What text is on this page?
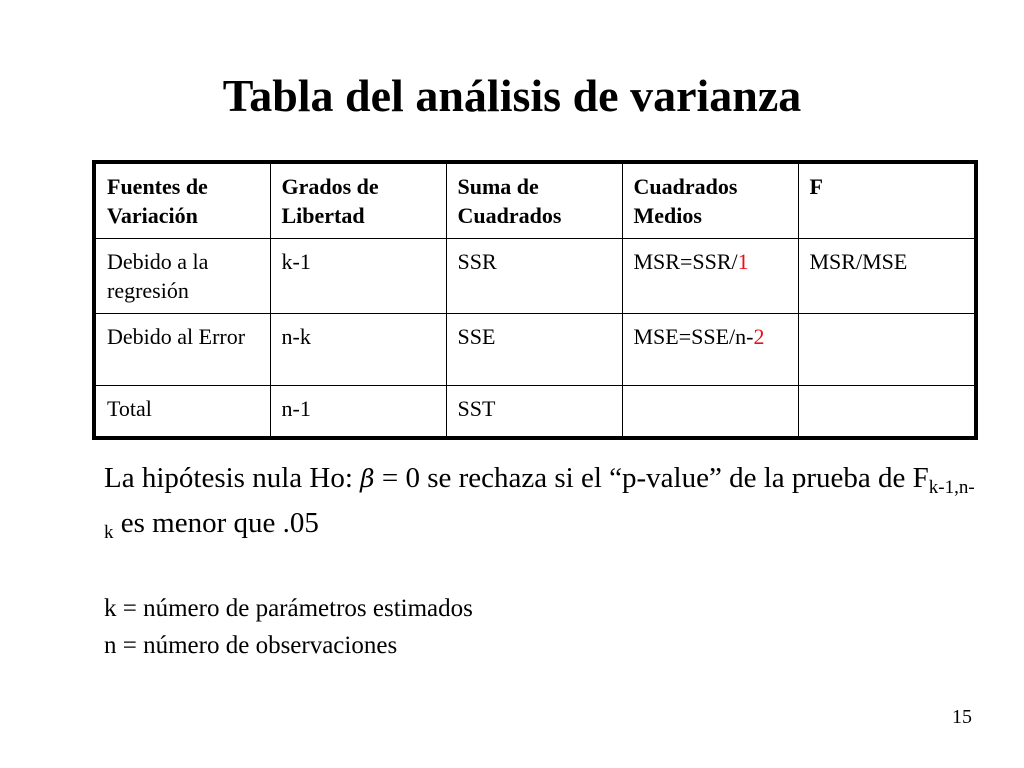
Tabla del análisis de varianza
Fuentes de Variación	Grados de Libertad	Suma de Cuadrados	Cuadrados Medios	F
Debido a la regresión	k-1	SSR	MSR=SSR/1	MSR/MSE
Debido al Error	n-k	SSE	MSE=SSE/n-2	
Total	n-1	SST		

La hipótesis nula Ho: β = 0 se rechaza si el “p-value” de la prueba de $F_{k-1,n-k}$ es menor que .05

k = número de parámetros estimados
n = número de observaciones
15
